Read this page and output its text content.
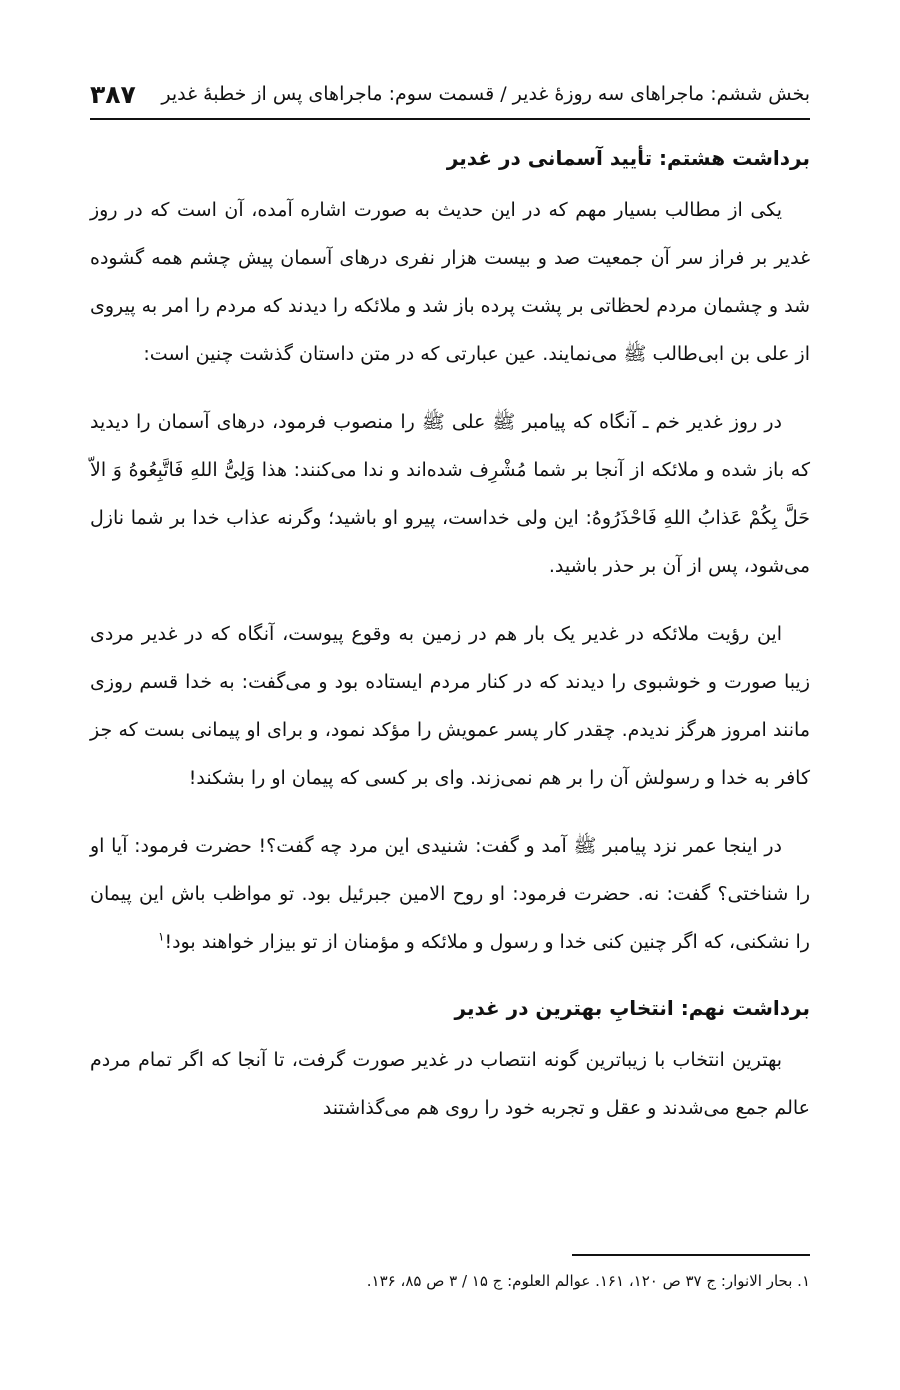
بخش ششم: ماجراهای سه روزۀ غدیر / قسمت سوم: ماجراهای پس از خطبۀ غدیر
۳۸۷
برداشت هشتم: تأیید آسمانی در غدیر

یکی از مطالب بسیار مهم که در این حدیث به صورت اشاره آمده، آن است که در روز غدیر بر فراز سر آن جمعیت صد و بیست هزار نفری درهای آسمان پیش چشم همه گشوده شد و چشمان مردم لحظاتی بر پشت پرده باز شد و ملائکه را دیدند که مردم را امر به پیروی از علی بن ابی‌طالب ﷺ می‌نمایند. عین عبارتی که در متن داستان گذشت چنین است:

در روز غدیر خم ـ آنگاه که پیامبر ﷺ علی ﷺ را منصوب فرمود، درهای آسمان را دیدید که باز شده و ملائکه از آنجا بر شما مُشْرِف شده‌اند و ندا می‌کنند: هذا وَلِیُّ اللهِ فَاتَّبِعُوهُ وَ الاّ حَلَّ بِکُمْ عَذابُ اللهِ فَاحْذَرُوهُ: این ولی خداست، پیرو او باشید؛ وگرنه عذاب خدا بر شما نازل می‌شود، پس از آن بر حذر باشید.

این رؤیت ملائکه در غدیر یک بار هم در زمین به وقوع پیوست، آنگاه که در غدیر مردی زیبا صورت و خوشبوی را دیدند که در کنار مردم ایستاده بود و می‌گفت: به خدا قسم روزی مانند امروز هرگز ندیدم. چقدر کار پسر عمویش را مؤکد نمود، و برای او پیمانی بست که جز کافر به خدا و رسولش آن را بر هم نمی‌زند. وای بر کسی که پیمان او را بشکند!

در اینجا عمر نزد پیامبر ﷺ آمد و گفت: شنیدی این مرد چه گفت؟! حضرت فرمود: آیا او را شناختی؟ گفت: نه. حضرت فرمود: او روح الامین جبرئیل بود. تو مواظب باش این پیمان را نشکنی، که اگر چنین کنی خدا و رسول و ملائکه و مؤمنان از تو بیزار خواهند بود!$^۱$

برداشت نهم: انتخابِ بهترین در غدیر

بهترین انتخاب با زیباترین گونه انتصاب در غدیر صورت گرفت، تا آنجا که اگر تمام مردم عالم جمع می‌شدند و عقل و تجربه خود را روی هم می‌گذاشتند

۱. بحار الانوار: ج ۳۷ ص ۱۲۰، ۱۶۱. عوالم العلوم: ج ۱۵ / ۳ ص ۸۵، ۱۳۶.
